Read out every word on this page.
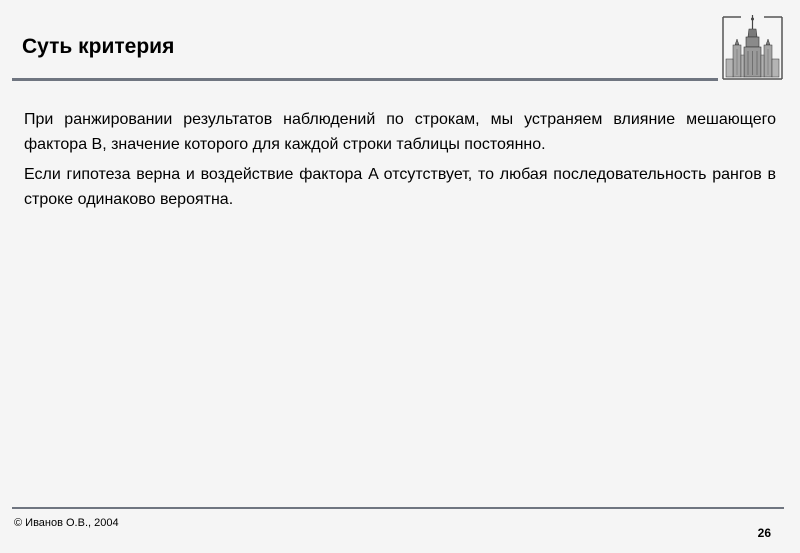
Суть критерия

При ранжировании результатов наблюдений по строкам, мы устраняем влияние мешающего фактора B, значение которого для каждой строки таблицы постоянно.

Если гипотеза верна и воздействие фактора A отсутствует, то любая последовательность рангов в строке одинаково вероятна.

© Иванов О.В., 2004
26
